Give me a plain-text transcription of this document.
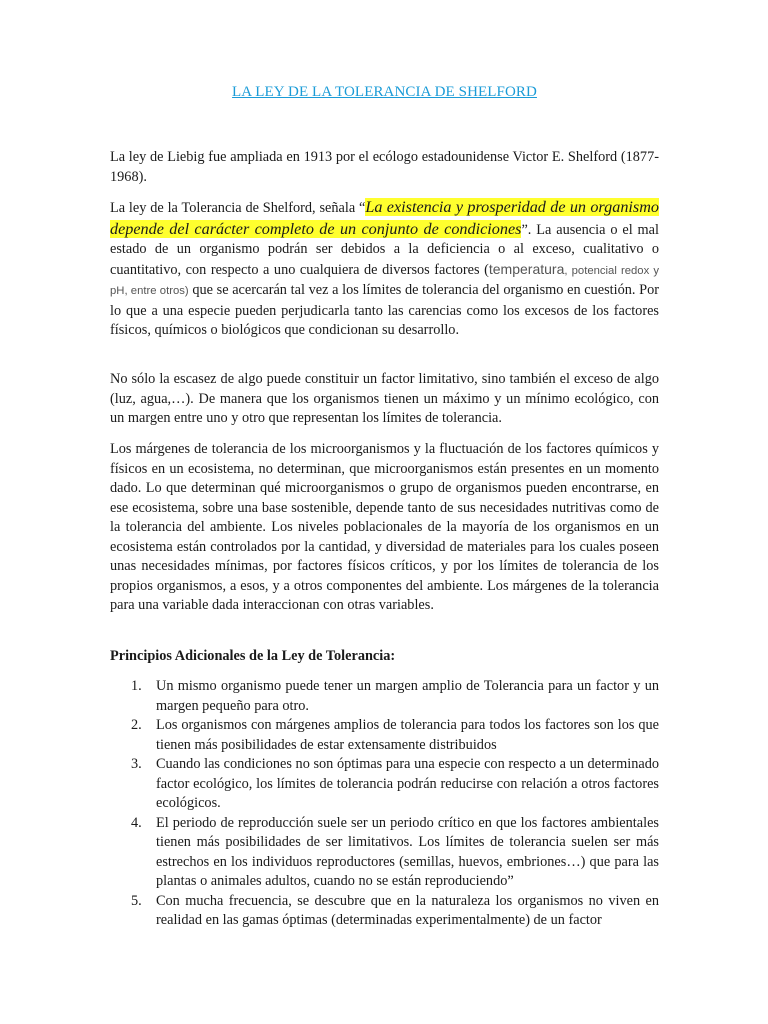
LA LEY DE LA TOLERANCIA DE SHELFORD

La ley de Liebig fue ampliada en 1913 por el ecólogo estadounidense Victor E. Shelford (1877-1968).

La ley de la Tolerancia de Shelford, señala “La existencia y prosperidad de un organismo depende del carácter completo de un conjunto de condiciones”. La ausencia o el mal estado de un organismo podrán ser debidos a la deficiencia o al exceso, cualitativo o cuantitativo, con respecto a uno cualquiera de diversos factores (temperatura, potencial redox y pH, entre otros) que se acercarán tal vez a los límites de tolerancia del organismo en cuestión. Por lo que a una especie pueden perjudicarla tanto las carencias como los excesos de los factores físicos, químicos o biológicos que condicionan su desarrollo.

No sólo la escasez de algo puede constituir un factor limitativo, sino también el exceso de algo (luz, agua,…). De manera que los organismos tienen un máximo y un mínimo ecológico, con un margen entre uno y otro que representan los límites de tolerancia.

Los márgenes de tolerancia de los microorganismos y la fluctuación de los factores químicos y físicos en un ecosistema, no determinan, que microorganismos están presentes en un momento dado. Lo que determinan qué microorganismos o grupo de organismos pueden encontrarse, en ese ecosistema, sobre una base sostenible, depende tanto de sus necesidades nutritivas como de la tolerancia del ambiente. Los niveles poblacionales de la mayoría de los organismos en un ecosistema están controlados por la cantidad, y diversidad de materiales para los cuales poseen unas necesidades mínimas, por factores físicos críticos, y por los límites de tolerancia de los propios organismos, a esos, y a otros componentes del ambiente. Los márgenes de la tolerancia para una variable dada interaccionan con otras variables.

Principios Adicionales de la Ley de Tolerancia:
1. Un mismo organismo puede tener un margen amplio de Tolerancia para un factor y un margen pequeño para otro.
2. Los organismos con márgenes amplios de tolerancia para todos los factores son los que tienen más posibilidades de estar extensamente distribuidos
3. Cuando las condiciones no son óptimas para una especie con respecto a un determinado factor ecológico, los límites de tolerancia podrán reducirse con relación a otros factores ecológicos.
4. El periodo de reproducción suele ser un periodo crítico en que los factores ambientales tienen más posibilidades de ser limitativos. Los límites de tolerancia suelen ser más estrechos en los individuos reproductores (semillas, huevos, embriones…) que para las plantas o animales adultos, cuando no se están reproduciendo”
5. Con mucha frecuencia, se descubre que en la naturaleza los organismos no viven en realidad en las gamas óptimas (determinadas experimentalmente) de un factor
